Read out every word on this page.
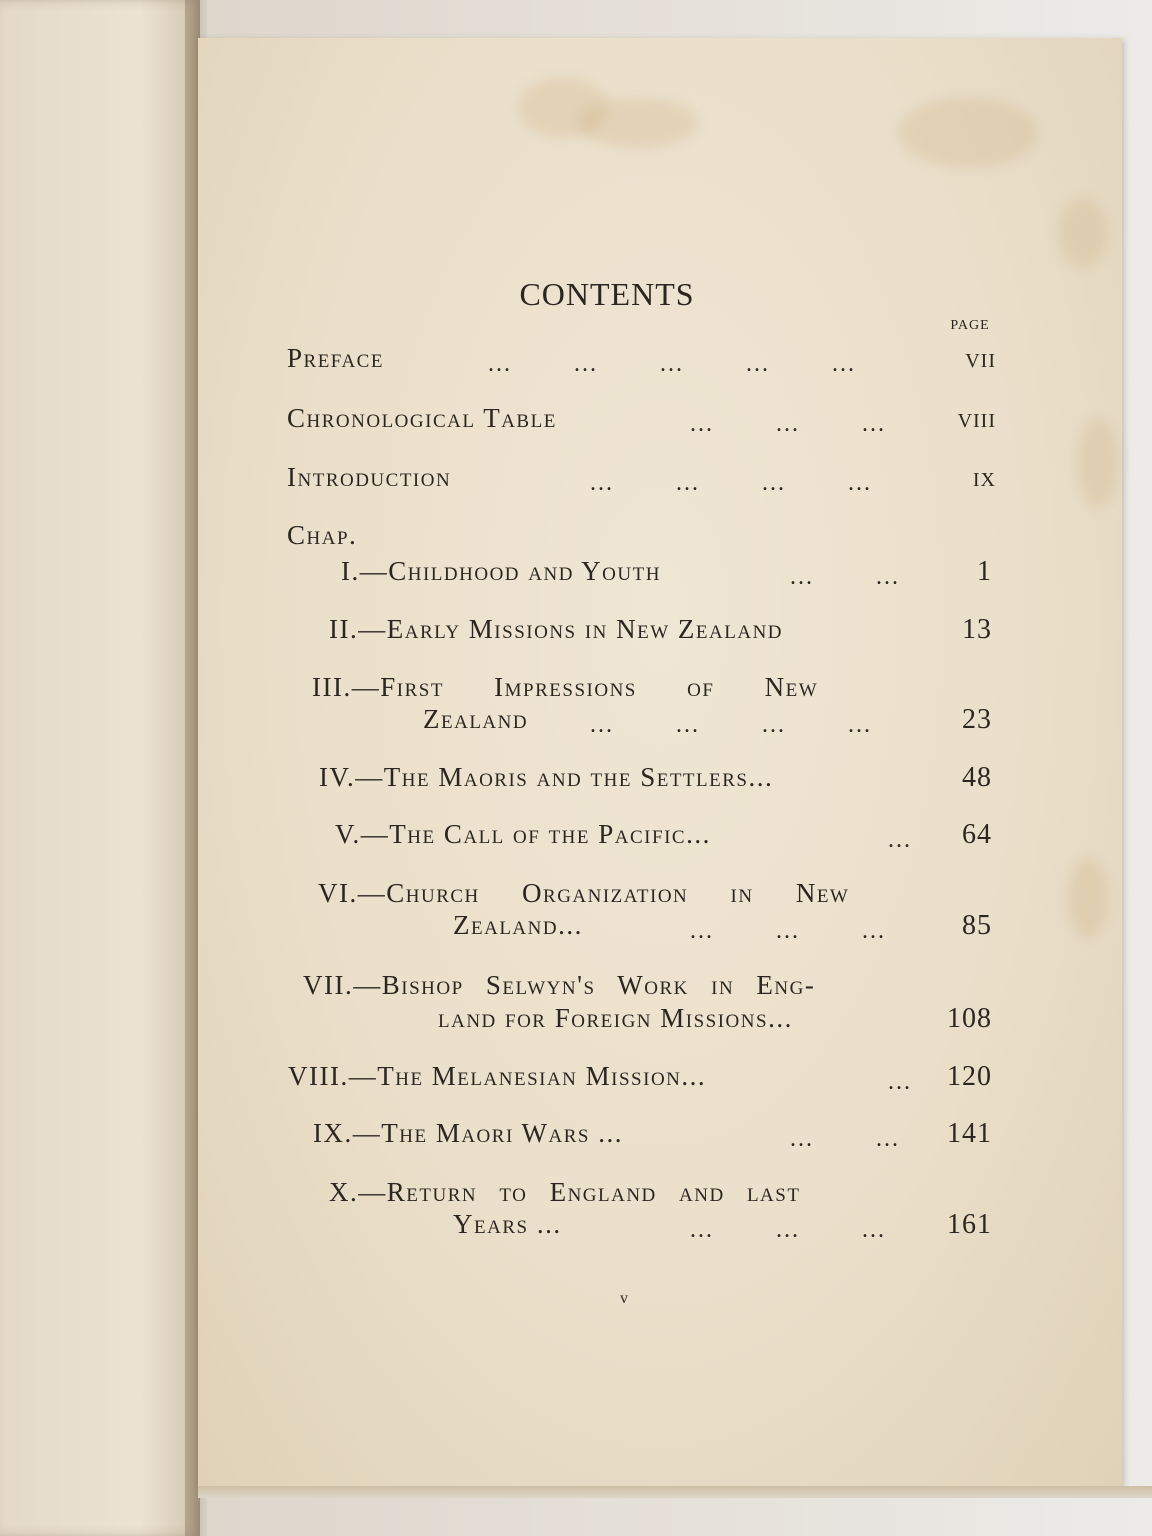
CONTENTS
PAGE
Preface	...	...	...	...	...	vii
Chronological Table	...	...	...	viii
Introduction	...	...	...	...	ix
Chap.
I.—Childhood and Youth	...	...	1
II.—Early Missions in New Zealand	13
III.—First Impressions of New
Zealand	...	...	...	...	23
IV.—The Maoris and the Settlers...	48
V.—The Call of the Pacific...	...	64
VI.—Church Organization in New
Zealand...	...	...	...	85
VII.—Bishop Selwyn's Work in Eng-
land for Foreign Missions...	108
VIII.—The Melanesian Mission...	...	120
IX.—The Maori Wars ...	...	...	141
X.—Return to England and last
Years ...	...	...	...	161
v
